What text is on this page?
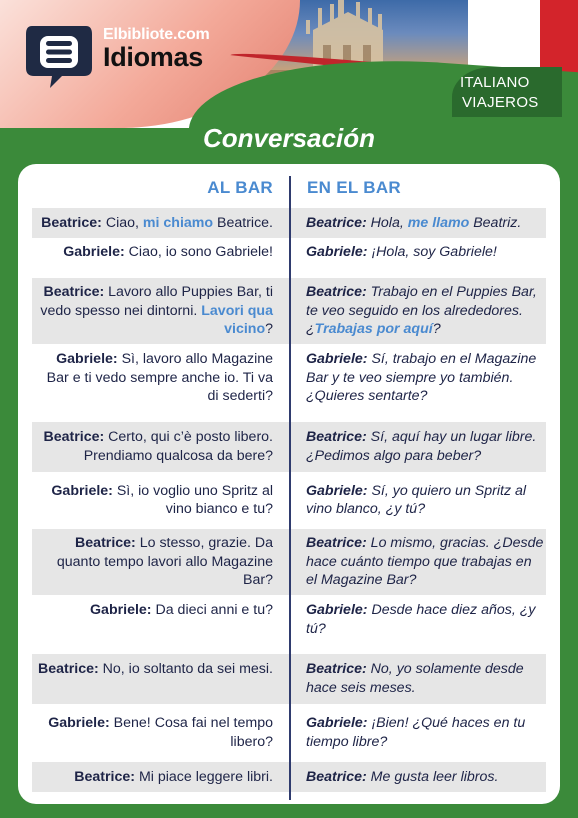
Elbibliote.com
Idiomas
ITALIANO
VIAJEROS
Conversación
AL BAR EN EL BAR
Beatrice: Ciao, mi chiamo Beatrice. Beatrice: Hola, me llamo Beatriz.
Gabriele: Ciao, io sono Gabriele! Gabriele: ¡Hola, soy Gabriele!
Beatrice: Lavoro allo Puppies Bar, ti vedo spesso nei dintorni. Lavori qua vicino?
Beatrice: Trabajo en el Puppies Bar, te veo seguido en los alrededores. ¿Trabajas por aquí?
Gabriele: Sì, lavoro allo Magazine Bar e ti vedo sempre anche io. Ti va di sederti?
Gabriele: Sí, trabajo en el Magazine Bar y te veo siempre yo también. ¿Quieres sentarte?
Beatrice: Certo, qui c’è posto libero. Prendiamo qualcosa da bere?
Beatrice: Sí, aquí hay un lugar libre. ¿Pedimos algo para beber?
Gabriele: Sì, io voglio uno Spritz al vino bianco e tu?
Gabriele: Sí, yo quiero un Spritz al vino blanco, ¿y tú?
Beatrice: Lo stesso, grazie. Da quanto tempo lavori allo Magazine Bar?
Beatrice: Lo mismo, gracias. ¿Desde hace cuánto tiempo que trabajas en el Magazine Bar?
Gabriele: Da dieci anni e tu? Gabriele: Desde hace diez años, ¿y tú?
Beatrice: No, io soltanto da sei mesi. Beatrice: No, yo solamente desde hace seis meses.
Gabriele: Bene! Cosa fai nel tempo libero?
Gabriele: ¡Bien! ¿Qué haces en tu tiempo libre?
Beatrice: Mi piace leggere libri. Beatrice: Me gusta leer libros.
